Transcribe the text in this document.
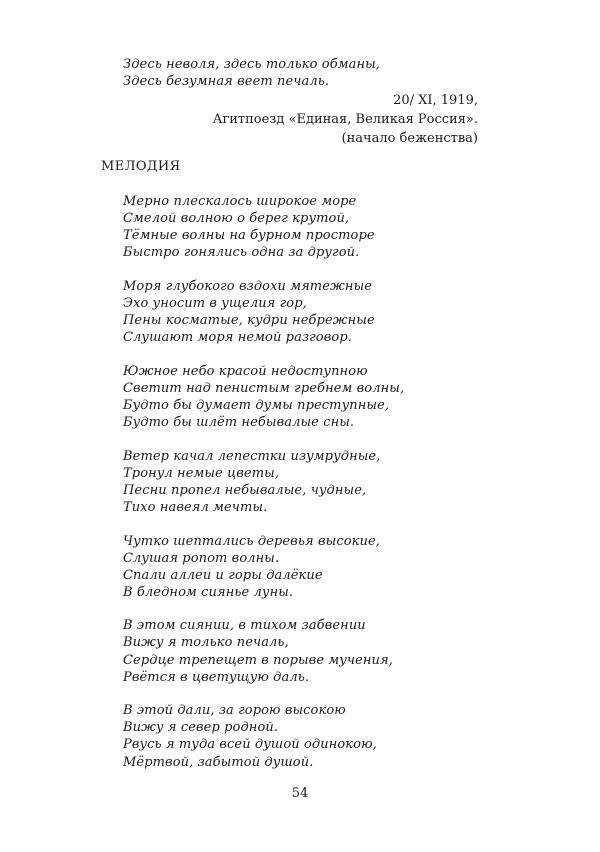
Здесь неволя, здесь только обманы,
Здесь безумная веет печаль.
20/ XI, 1919,
Агитпоезд «Единая, Великая Россия».
(начало беженства)
МЕЛОДИЯ
Мерно плескалось широкое море
Смелой волною о берег крутой,
Тёмные волны на бурном просторе
Быстро гонялись одна за другой.
Моря глубокого вздохи мятежные
Эхо уносит в ущелия гор,
Пены косматые, кудри небрежные
Слушают моря немой разговор.
Южное небо красой недоступною
Светит над пенистым гребнем волны,
Будто бы думает думы преступные,
Будто бы шлёт небывалые сны.
Ветер качал лепестки изумрудные,
Тронул немые цветы,
Песни пропел небывалые, чудные,
Тихо навеял мечты.
Чутко шептались деревья высокие,
Слушая ропот волны.
Спали аллеи и горы далёкие
В бледном сиянье луны.
В этом сиянии, в тихом забвении
Вижу я только печаль,
Сердце трепещет в порыве мучения,
Рвётся в цветущую даль.
В этой дали, за горою высокою
Вижу я север родной.
Рвусь я туда всей душой одинокою,
Мёртвой, забытой душой.
54
